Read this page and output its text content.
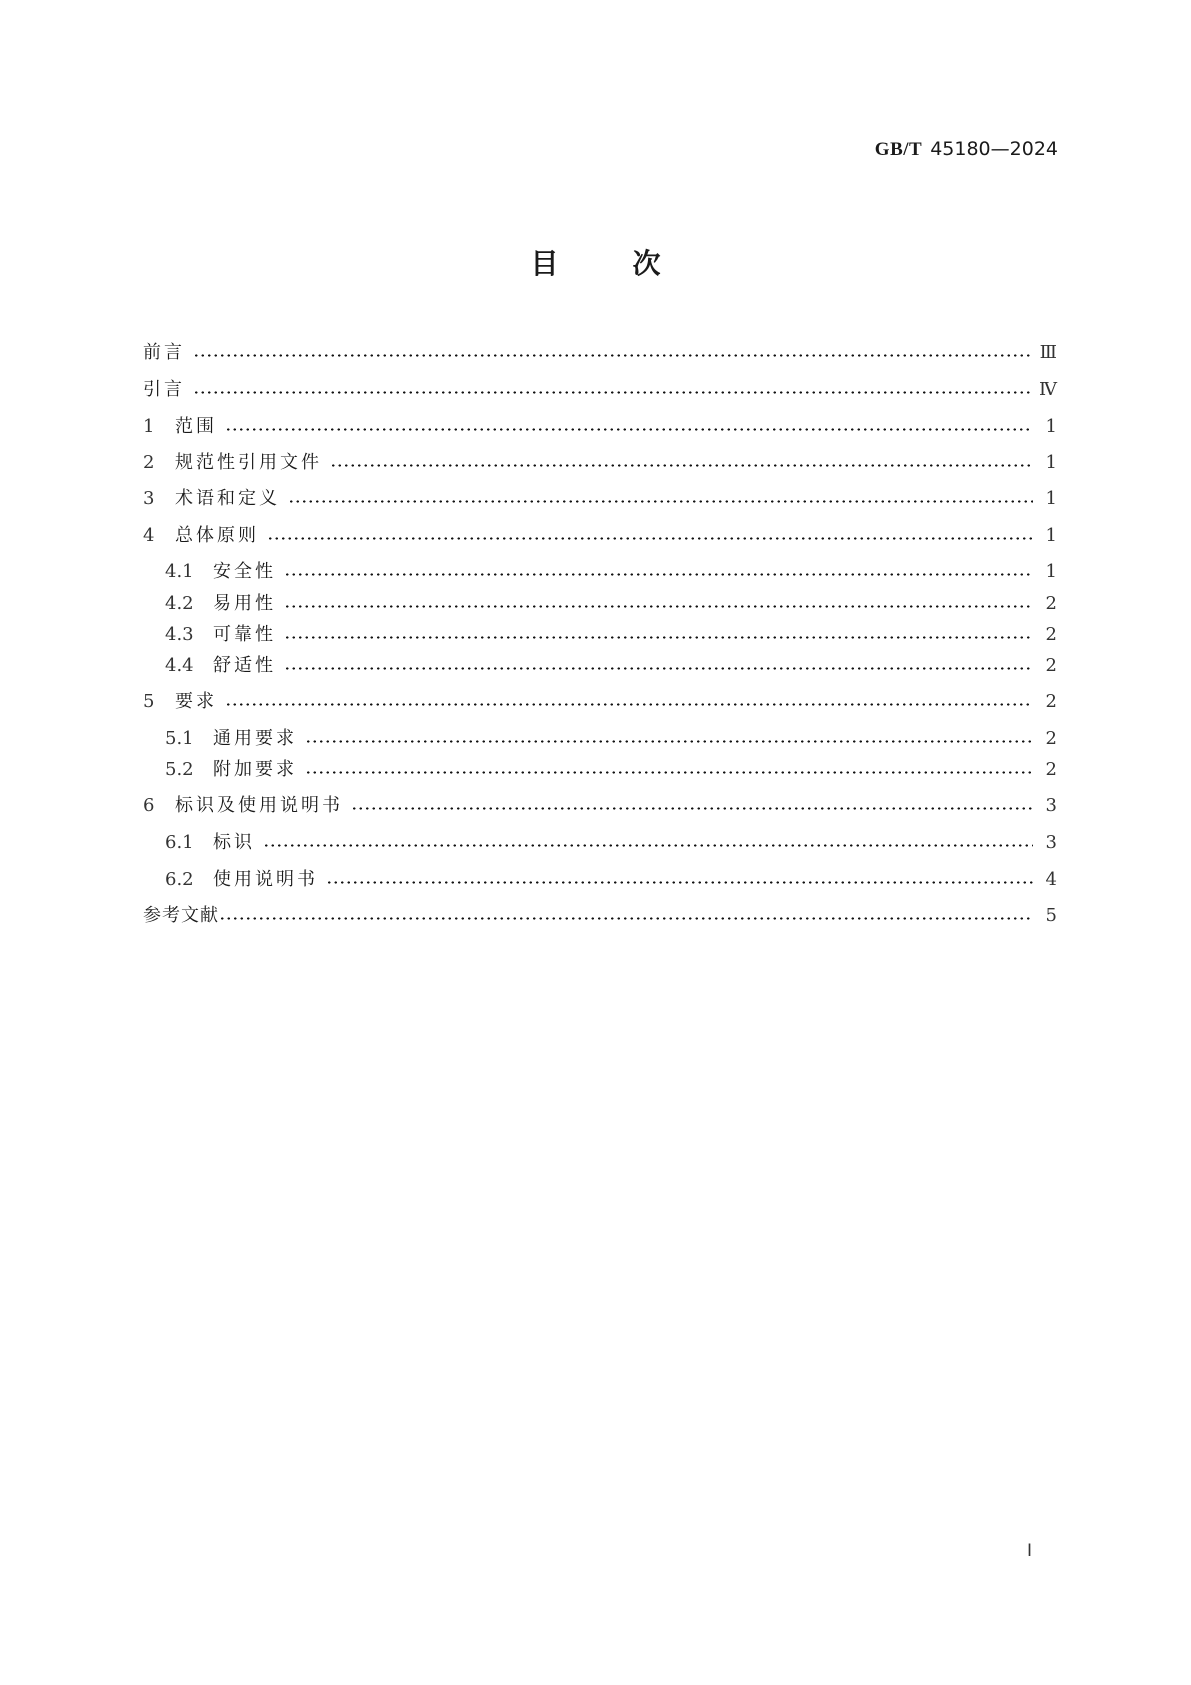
GB/T 45180—2024
目	次
前言	Ⅲ
引言	Ⅳ
1	范围	1
2	规范性引用文件	1
3	术语和定义	1
4	总体原则	1
4.1	安全性	1
4.2	易用性	2
4.3	可靠性	2
4.4	舒适性	2
5	要求	2
5.1	通用要求	2
5.2	附加要求	2
6	标识及使用说明书	3
6.1	标识	3
6.2	使用说明书	4
参考文献	5
Ⅰ
